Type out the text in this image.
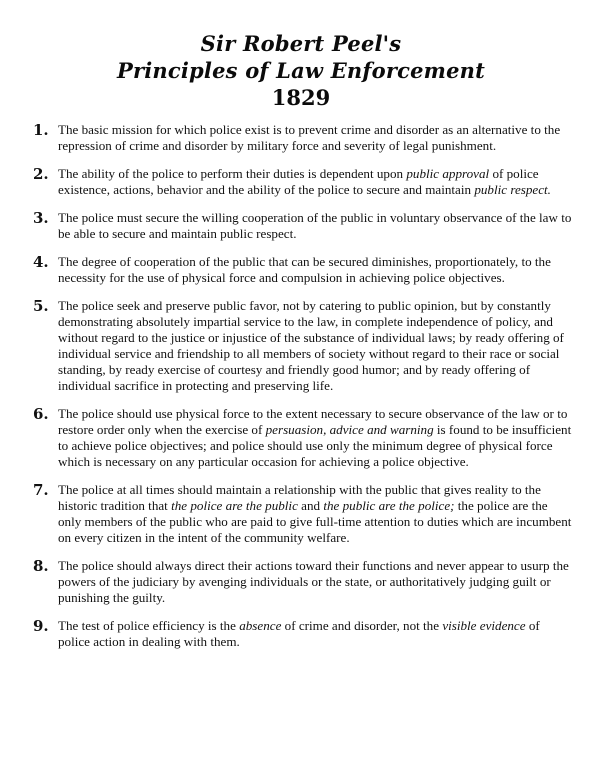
Sir Robert Peel's

Principles of Law Enforcement

1829

1. The basic mission for which police exist is to prevent crime and disorder as an alternative to the repression of crime and disorder by military force and severity of legal punishment.
2. The ability of the police to perform their duties is dependent upon public approval of police existence, actions, behavior and the ability of the police to secure and maintain public respect.
3. The police must secure the willing cooperation of the public in voluntary observance of the law to be able to secure and maintain public respect.
4. The degree of cooperation of the public that can be secured diminishes, proportionately, to the necessity for the use of physical force and compulsion in achieving police objectives.
5. The police seek and preserve public favor, not by catering to public opinion, but by constantly demonstrating absolutely impartial service to the law, in complete independence of policy, and without regard to the justice or injustice of the substance of individual laws; by ready offering of individual service and friendship to all members of society without regard to their race or social standing, by ready exercise of courtesy and friendly good humor; and by ready offering of individual sacrifice in protecting and preserving life.
6. The police should use physical force to the extent necessary to secure observance of the law or to restore order only when the exercise of persuasion, advice and warning is found to be insufficient to achieve police objectives; and police should use only the minimum degree of physical force which is necessary on any particular occasion for achieving a police objective.
7. The police at all times should maintain a relationship with the public that gives reality to the historic tradition that the police are the public and the public are the police; the police are the only members of the public who are paid to give full-time attention to duties which are incumbent on every citizen in the intent of the community welfare.
8. The police should always direct their actions toward their functions and never appear to usurp the powers of the judiciary by avenging individuals or the state, or authoritatively judging guilt or punishing the guilty.
9. The test of police efficiency is the absence of crime and disorder, not the visible evidence of police action in dealing with them.
